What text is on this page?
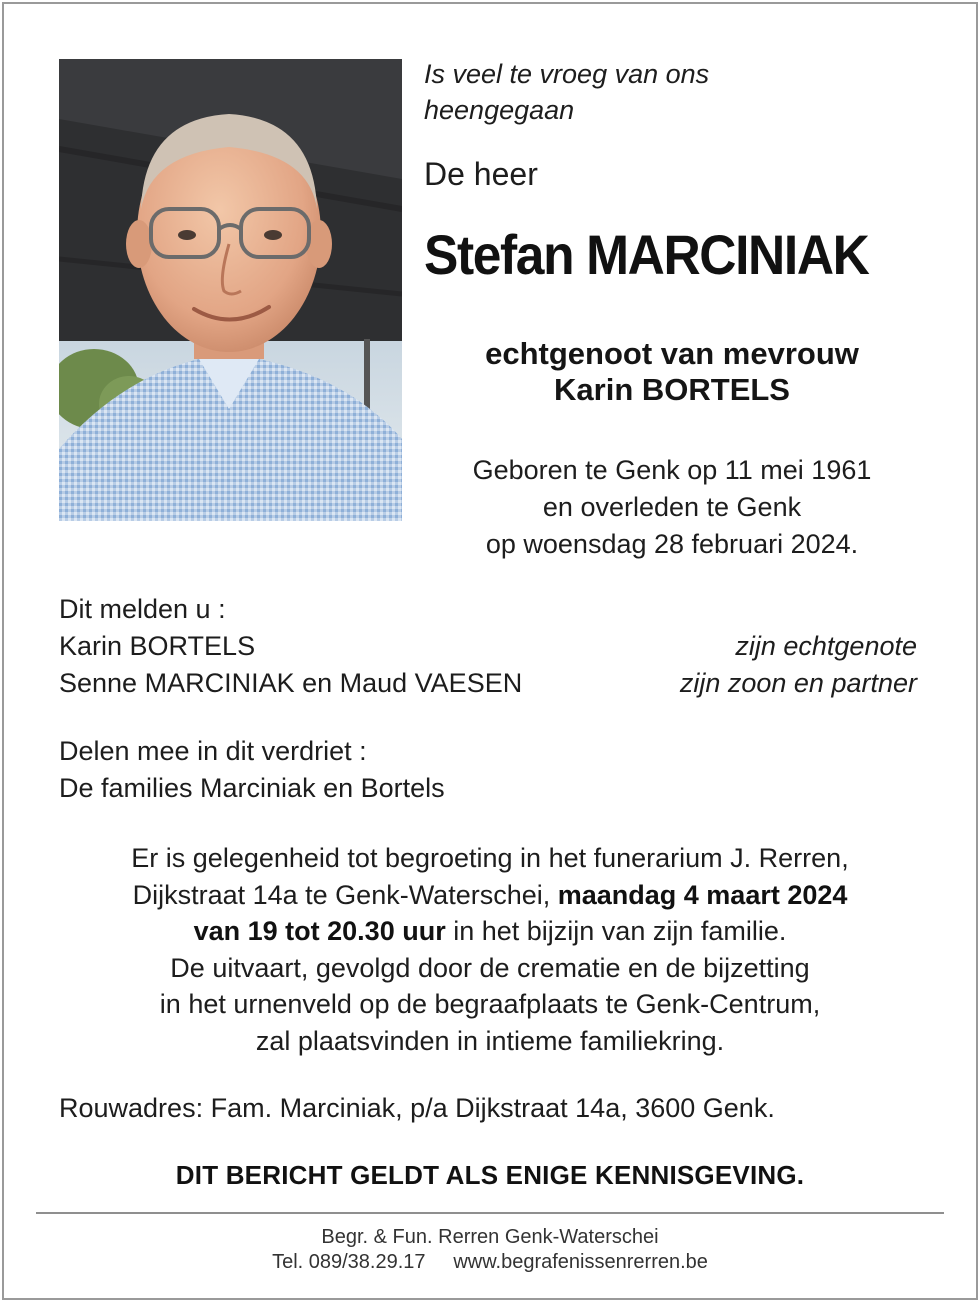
Is veel te vroeg van ons
heengegaan
De heer
Stefan MARCINIAK
echtgenoot van mevrouw
Karin BORTELS
Geboren te Genk op 11 mei 1961
en overleden te Genk
op woensdag 28 februari 2024.
Dit melden u :
Karin BORTELS	zijn echtgenote
Senne MARCINIAK en Maud VAESEN	zijn zoon en partner
Delen mee in dit verdriet :
De families Marciniak en Bortels
Er is gelegenheid tot begroeting in het funerarium J. Rerren,
Dijkstraat 14a te Genk-Waterschei, maandag 4 maart 2024
van 19 tot 20.30 uur in het bijzijn van zijn familie.
De uitvaart, gevolgd door de crematie en de bijzetting
in het urnenveld op de begraafplaats te Genk-Centrum,
zal plaatsvinden in intieme familiekring.
Rouwadres: Fam. Marciniak, p/a Dijkstraat 14a, 3600 Genk.
DIT BERICHT GELDT ALS ENIGE KENNISGEVING.
Begr. & Fun. Rerren Genk-Waterschei
Tel. 089/38.29.17     www.begrafenissenrerren.be
